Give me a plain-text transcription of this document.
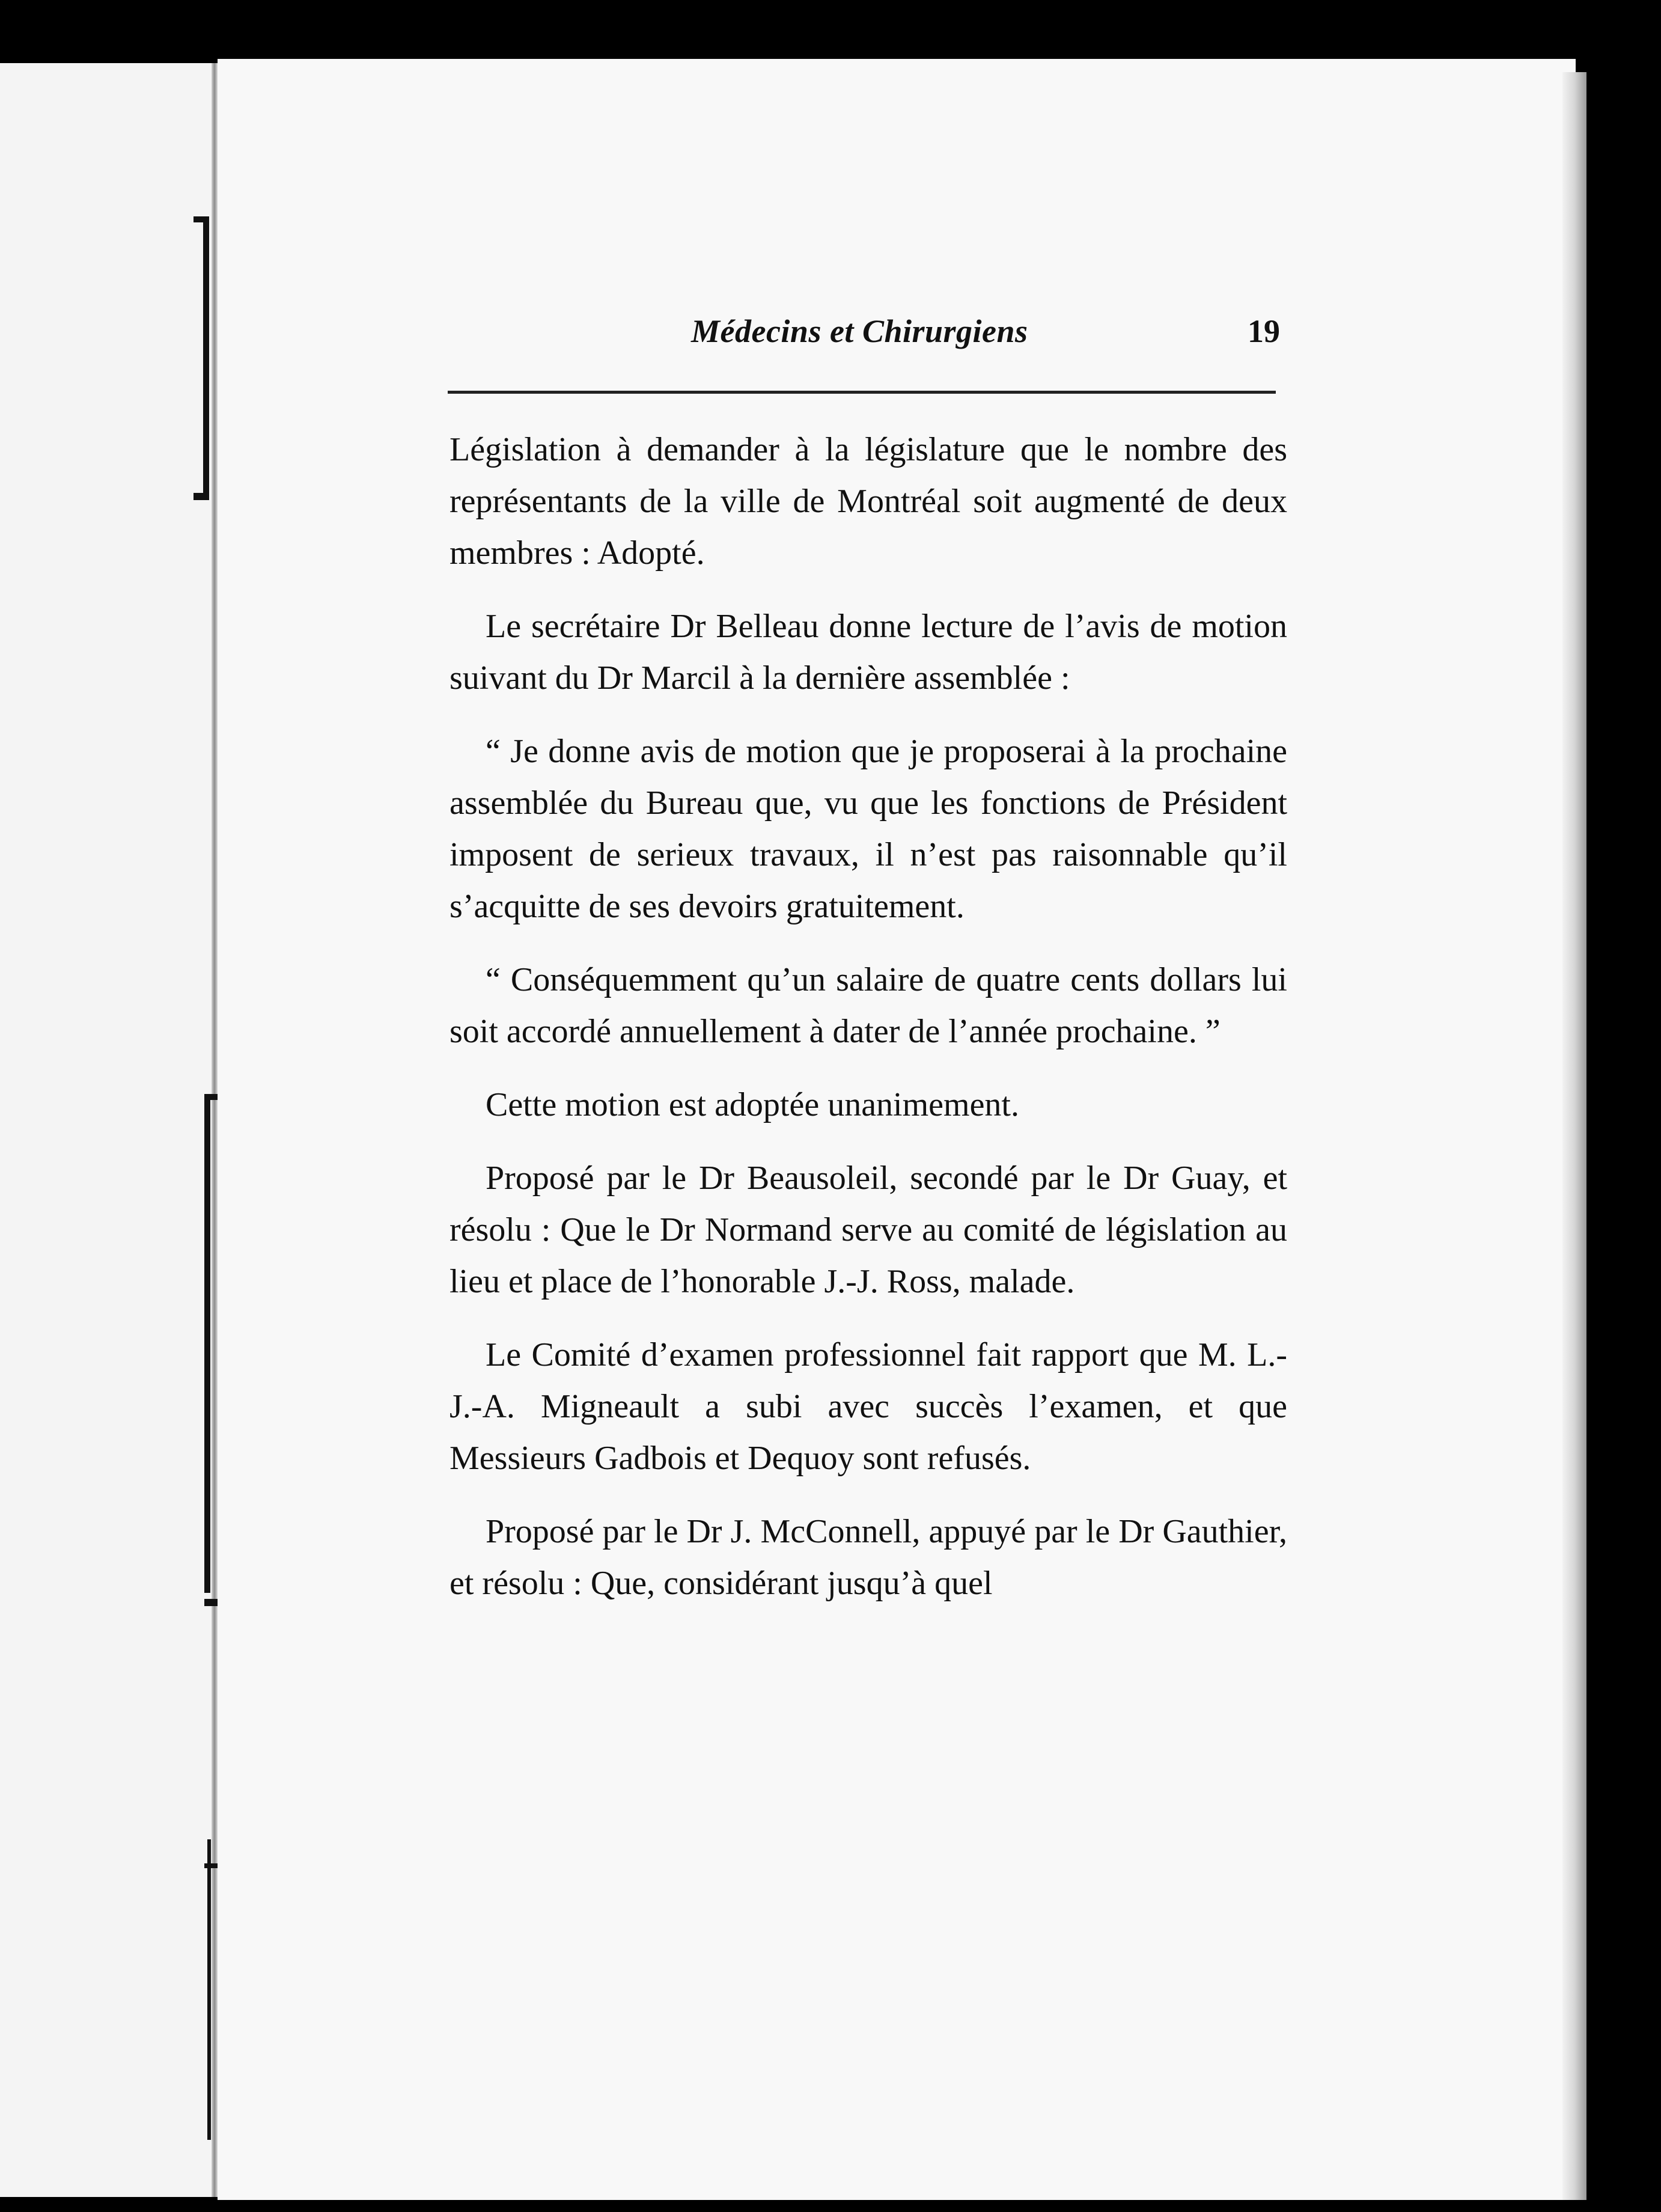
Médecins et Chirurgiens	19

Législation à demander à la législature que le nombre des représentants de la ville de Montréal soit augmenté de deux membres : Adopté.

Le secrétaire Dr Belleau donne lecture de l’avis de motion suivant du Dr Marcil à la dernière assemblée :

“ Je donne avis de motion que je proposerai à la prochaine assemblée du Bureau que, vu que les fonctions de Président imposent de serieux travaux, il n’est pas raisonnable qu’il s’acquitte de ses devoirs gratuitement.

“ Conséquemment qu’un salaire de quatre cents dollars lui soit accordé annuellement à dater de l’année prochaine. ”

Cette motion est adoptée unanimement.

Proposé par le Dr Beausoleil, secondé par le Dr Guay, et résolu : Que le Dr Normand serve au comité de législation au lieu et place de l’honorable J.-J. Ross, malade.

Le Comité d’examen professionnel fait rapport que M. L.-J.-A. Migneault a subi avec succès l’examen, et que Messieurs Gadbois et Dequoy sont refusés.

Proposé par le Dr J. McConnell, appuyé par le Dr Gauthier, et résolu : Que, considérant jusqu’à quel
